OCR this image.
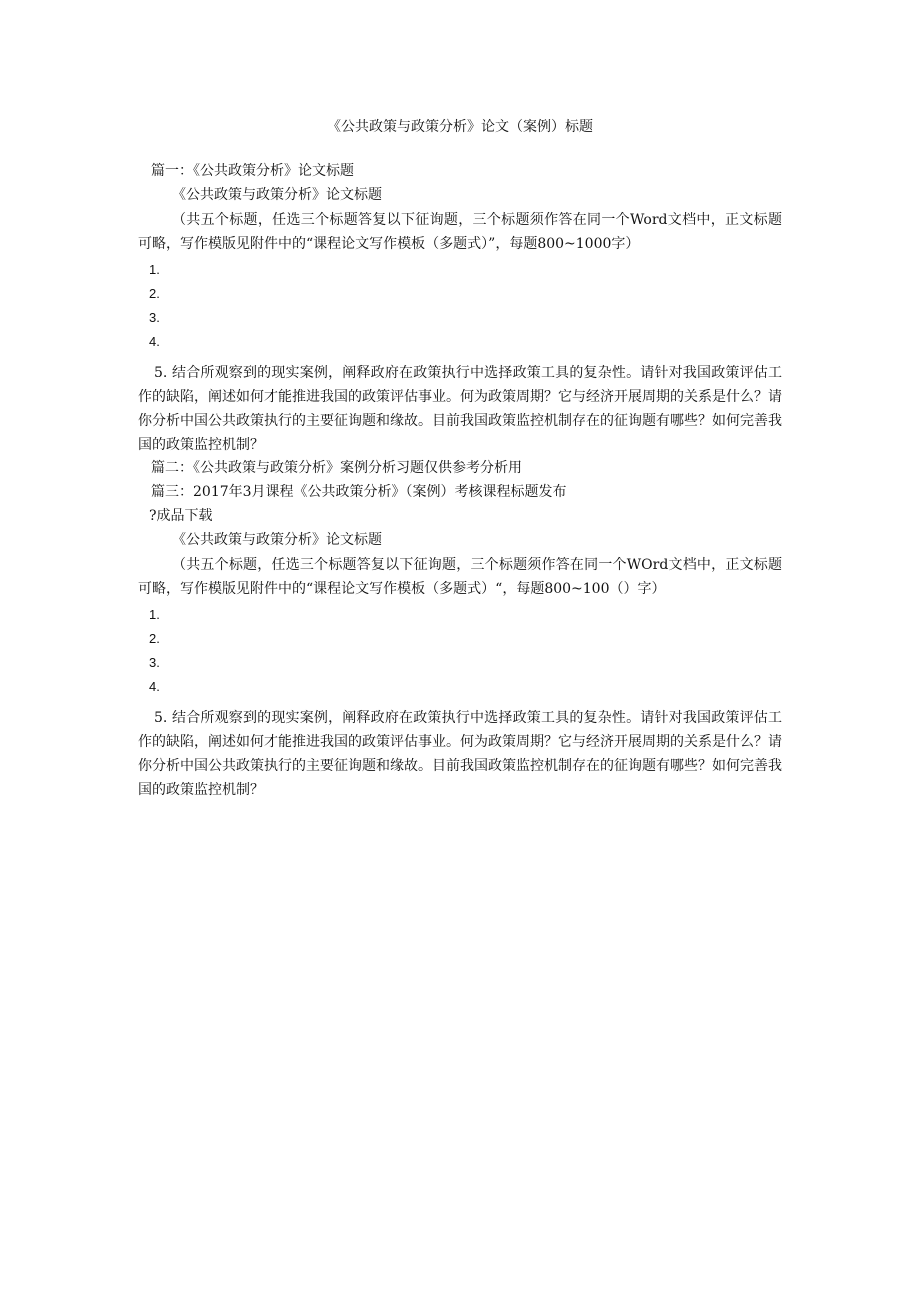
《公共政策与政策分析》论文（案例）标题
篇一：《公共政策分析》论文标题
《公共政策与政策分析》论文标题
（共五个标题，任选三个标题答复以下征询题，三个标题须作答在同一个Word文档中，正文标题可略，写作模版见附件中的“课程论文写作模板（多题式）”，每题800~1000字）
1.
2.
3.
4.
5. 结合所观察到的现实案例，阐释政府在政策执行中选择政策工具的复杂性。请针对我国政策评估工作的缺陷，阐述如何才能推进我国的政策评估事业。何为政策周期？它与经济开展周期的关系是什么？请你分析中国公共政策执行的主要征询题和缘故。目前我国政策监控机制存在的征询题有哪些？如何完善我国的政策监控机制？
篇二：《公共政策与政策分析》案例分析习题仅供参考分析用
篇三：2017年3月课程《公共政策分析》（案例）考核课程标题发布
?成品下载
《公共政策与政策分析》论文标题
（共五个标题，任选三个标题答复以下征询题，三个标题须作答在同一个WOrd文档中，正文标题可略，写作模版见附件中的“课程论文写作模板（多题式）“，每题800~100（）字）
1.
2.
3.
4.
5. 结合所观察到的现实案例，阐释政府在政策执行中选择政策工具的复杂性。请针对我国政策评估工作的缺陷，阐述如何才能推进我国的政策评估事业。何为政策周期？它与经济开展周期的关系是什么？请你分析中国公共政策执行的主要征询题和缘故。目前我国政策监控机制存在的征询题有哪些？如何完善我国的政策监控机制？
